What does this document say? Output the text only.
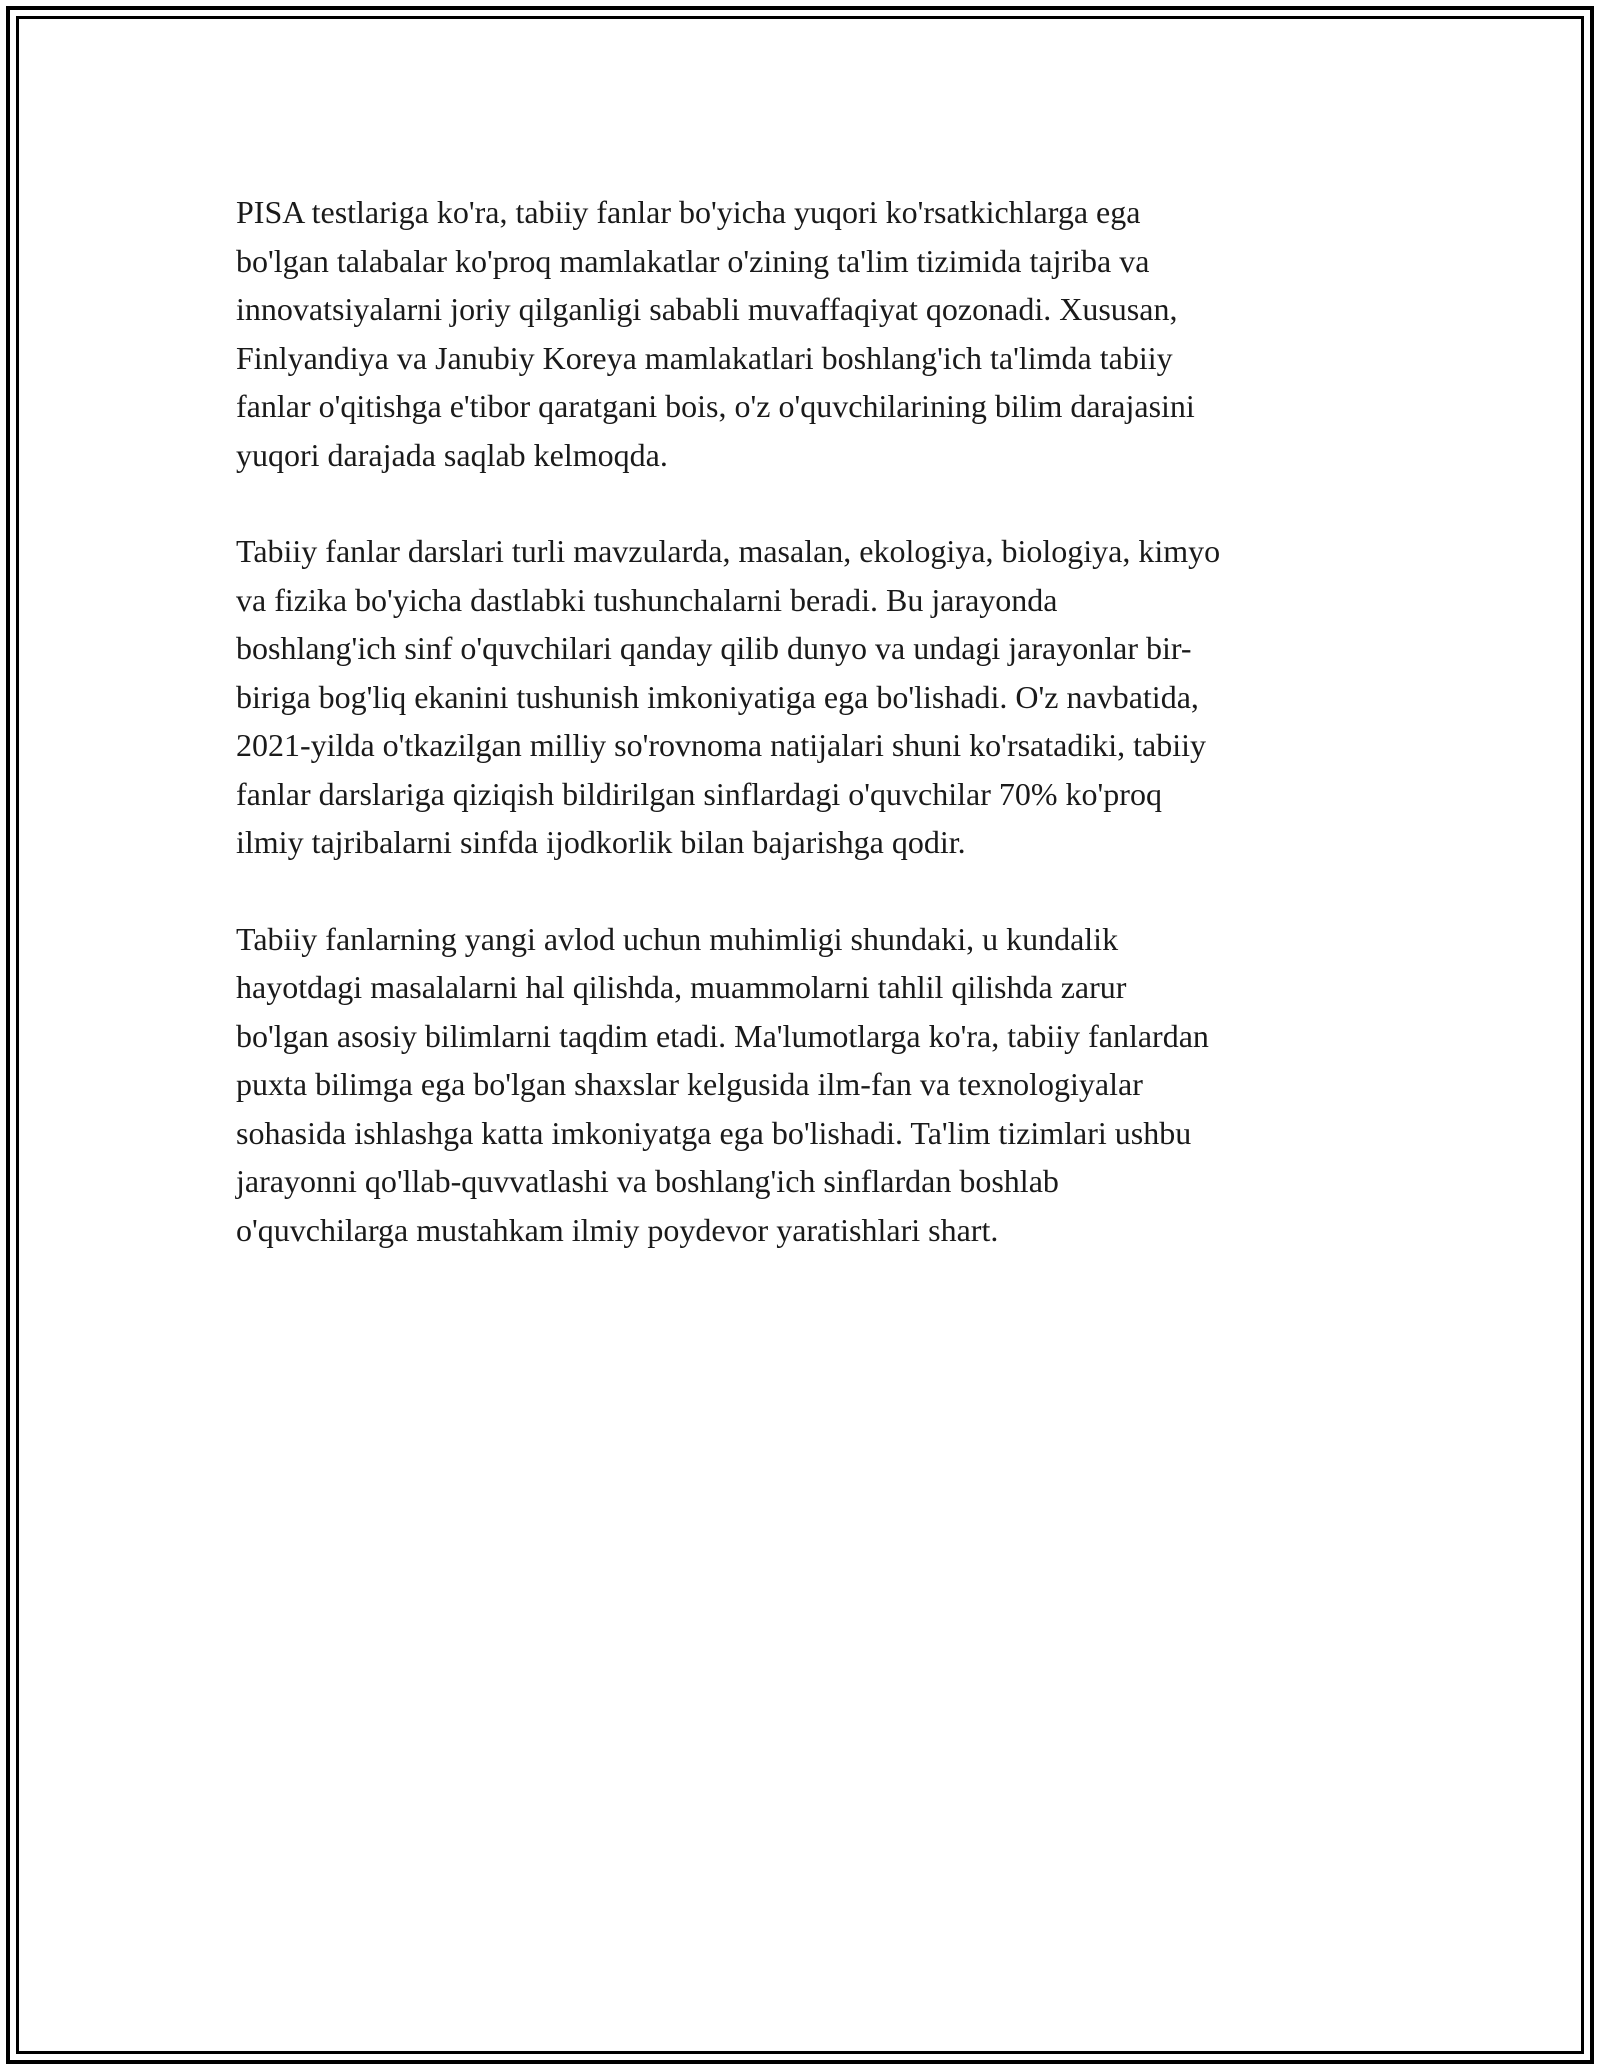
PISA testlariga ko'ra, tabiiy fanlar bo'yicha yuqori ko'rsatkichlarga ega
bo'lgan talabalar ko'proq mamlakatlar o'zining ta'lim tizimida tajriba va
innovatsiyalarni joriy qilganligi sababli muvaffaqiyat qozonadi. Xususan,
Finlyandiya va Janubiy Koreya mamlakatlari boshlang'ich ta'limda tabiiy
fanlar o'qitishga e'tibor qaratgani bois, o'z o'quvchilarining bilim darajasini
yuqori darajada saqlab kelmoqda.

Tabiiy fanlar darslari turli mavzularda, masalan, ekologiya, biologiya, kimyo
va fizika bo'yicha dastlabki tushunchalarni beradi. Bu jarayonda
boshlang'ich sinf o'quvchilari qanday qilib dunyo va undagi jarayonlar bir-
biriga bog'liq ekanini tushunish imkoniyatiga ega bo'lishadi. O'z navbatida,
2021-yilda o'tkazilgan milliy so'rovnoma natijalari shuni ko'rsatadiki, tabiiy
fanlar darslariga qiziqish bildirilgan sinflardagi o'quvchilar 70% ko'proq
ilmiy tajribalarni sinfda ijodkorlik bilan bajarishga qodir.

Tabiiy fanlarning yangi avlod uchun muhimligi shundaki, u kundalik
hayotdagi masalalarni hal qilishda, muammolarni tahlil qilishda zarur
bo'lgan asosiy bilimlarni taqdim etadi. Ma'lumotlarga ko'ra, tabiiy fanlardan
puxta bilimga ega bo'lgan shaxslar kelgusida ilm-fan va texnologiyalar
sohasida ishlashga katta imkoniyatga ega bo'lishadi. Ta'lim tizimlari ushbu
jarayonni qo'llab-quvvatlashi va boshlang'ich sinflardan boshlab
o'quvchilarga mustahkam ilmiy poydevor yaratishlari shart.
